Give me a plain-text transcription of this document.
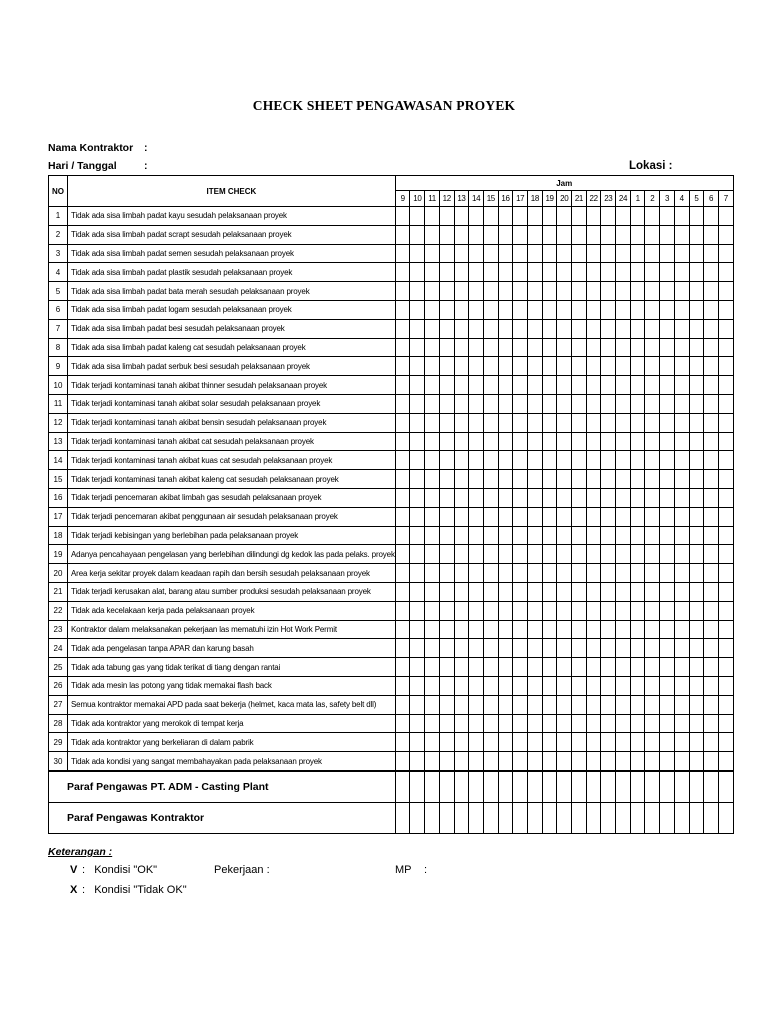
CHECK SHEET PENGAWASAN PROYEK
Nama Kontraktor :
Hari / Tanggal	:	Lokasi :
NO	ITEM CHECK	Jam																						
		9	10	11	12	13	14	15	16	17	18	19	20	21	22	23	24	1	2	3	4	5	6	7
1	Tidak ada sisa limbah padat kayu sesudah pelaksanaan proyek																							
2	Tidak ada sisa limbah padat scrapt sesudah pelaksanaan proyek																							
3	Tidak ada sisa limbah padat semen sesudah pelaksanaan proyek																							
4	Tidak ada sisa limbah padat plastik sesudah pelaksanaan proyek																							
5	Tidak ada sisa limbah padat bata merah sesudah pelaksanaan proyek																							
6	Tidak ada sisa limbah padat logam sesudah pelaksanaan proyek																							
7	Tidak ada sisa limbah padat besi sesudah pelaksanaan proyek																							
8	Tidak ada sisa limbah padat kaleng cat sesudah pelaksanaan proyek																							
9	Tidak ada sisa limbah padat serbuk besi sesudah pelaksanaan proyek																							
10	Tidak terjadi kontaminasi tanah akibat thinner sesudah pelaksanaan proyek																							
11	Tidak terjadi kontaminasi tanah akibat solar sesudah pelaksanaan proyek																							
12	Tidak terjadi kontaminasi tanah akibat bensin sesudah pelaksanaan proyek																							
13	Tidak terjadi kontaminasi tanah akibat cat sesudah pelaksanaan proyek																							
14	Tidak terjadi kontaminasi tanah akibat kuas cat sesudah pelaksanaan proyek																							
15	Tidak terjadi kontaminasi tanah akibat kaleng cat sesudah pelaksanaan proyek																							
16	Tidak terjadi pencemaran akibat limbah gas sesudah pelaksanaan proyek																							
17	Tidak terjadi pencemaran akibat penggunaan air sesudah pelaksanaan proyek																							
18	Tidak terjadi kebisingan yang berlebihan pada pelaksanaan proyek																							
19	Adanya pencahayaan pengelasan yang berlebihan dilindungi dg kedok las pada pelaks. proyek																							
20	Area kerja sekitar proyek dalam keadaan rapih dan bersih sesudah pelaksanaan proyek																							
21	Tidak terjadi kerusakan alat, barang atau sumber produksi sesudah pelaksanaan proyek																							
22	Tidak ada kecelakaan kerja pada pelaksanaan proyek																							
23	Kontraktor dalam melaksanakan pekerjaan las mematuhi izin Hot Work Permit																							
24	Tidak ada pengelasan tanpa APAR dan karung basah																							
25	Tidak ada tabung gas yang tidak terikat di tiang dengan rantai																							
26	Tidak ada mesin las potong yang tidak memakai flash back																							
27	Semua kontraktor memakai APD pada saat bekerja (helmet, kaca mata las, safety belt dll)																							
28	Tidak ada kontraktor yang merokok di tempat kerja																							
29	Tidak ada kontraktor yang berkeliaran di dalam pabrik																							
30	Tidak ada kondisi yang sangat membahayakan pada pelaksanaan proyek																							
Paraf Pengawas PT. ADM - Casting Plant																								
Paraf Pengawas Kontraktor																								
Keterangan :
V :   Kondisi "OK"
X :   Kondisi "Tidak OK"
Pekerjaan :	MP :
